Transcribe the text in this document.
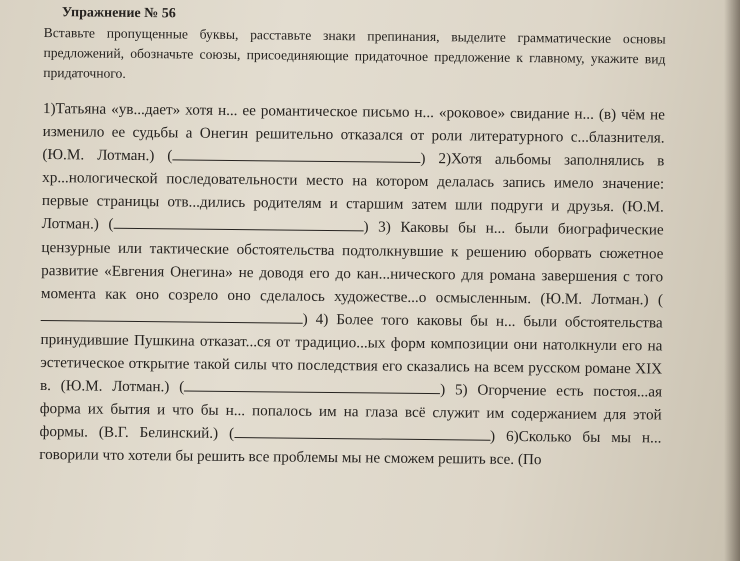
Упражнение № 56

Вставьте пропущенные буквы, расставьте знаки препинания, выделите грамматические основы предложений, обозначьте союзы, присоединяющие придаточное предложение к главному, укажите вид придаточного.

1)Татьяна «ув...дает» хотя н... ее романтическое письмо н... «роковое» свидание н... (в) чём не изменило ее судьбы а Онегин решительно отказался от роли литературного с...блазнителя. (Ю.М. Лотман.) (	) 2)Хотя альбомы заполнялись в хр...нологической последовательности место на котором делалась запись имело значение: первые страницы отв...дились родителям и старшим затем шли подруги и друзья. (Ю.М. Лотман.) (	) 3) Каковы бы н... были биографические цензурные или тактические обстоятельства подтолкнувшие к решению оборвать сюжетное развитие «Евгения Онегина» не доводя его до кан...нического для романа завершения с того момента как оно созрело оно сделалось художестве...о осмысленным. (Ю.М. Лотман.) () 4) Более того каковы бы н... были обстоятельства принудившие Пушкина отказат...ся от традицио...ых форм композиции они натолкнули его на эстетическое открытие такой силы что последствия его сказались на всем русском романе XIX в. (Ю.М. Лотман.) (	) 5) Огорчение есть постоя...ая форма их бытия и что бы н... попалось им на глаза всё служит им содержанием для этой формы. (В.Г. Белинский.) (	) 6)Сколько бы мы н... говорили что хотели бы решить все проблемы мы не сможем решить все. (По
